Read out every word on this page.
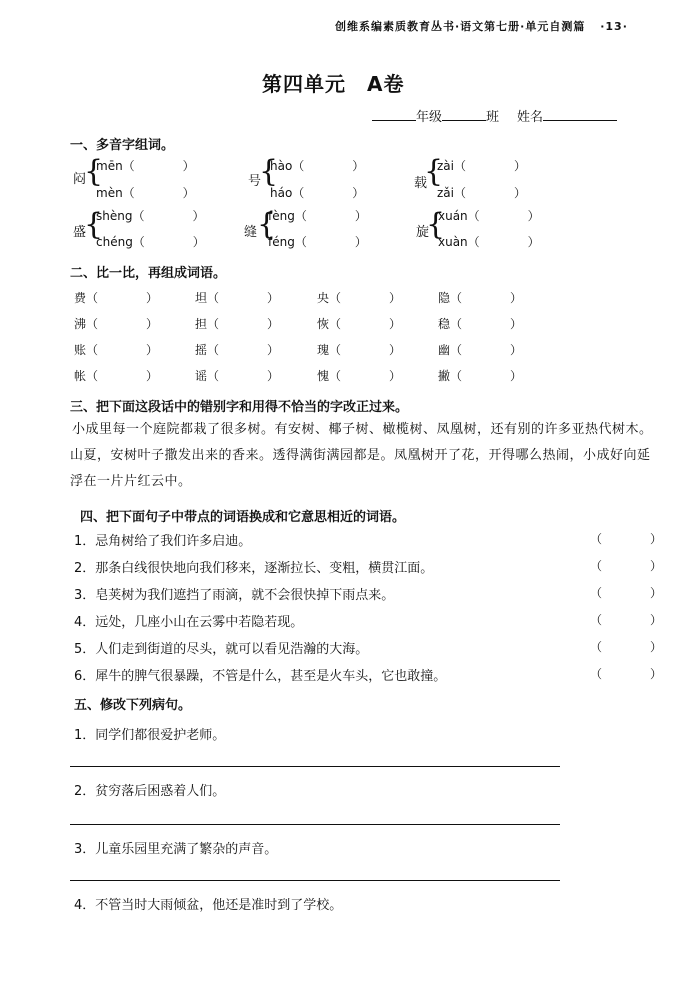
创维系编素质教育丛书·语文第七册·单元自测篇 ·13·
第四单元　A卷
年级	班 姓名
一、多音字组词。
闷
{
mēn（　　　　）
mèn（　　　　）
号
{
hào（　　　　）
háo（　　　　）
载
{
zài（　　　　）
zǎi（　　　　）
盛
{
shèng（　　　　）
chéng（　　　　）
缝 {
fèng（　　　　）
féng（　　　　）
旋
{
xuán（　　　　）
xuàn（　　　　）
二、比一比，再组成词语。
费（　　　　）	坦（　　　　）	央（　　　　）	隐（　　　　）
沸（　　　　）	担（　　　　）	恢（　　　　）	稳（　　　　）
账（　　　　）	摇（　　　　）	瑰（　　　　）	幽（　　　　）
帐（　　　　）	谣（　　　　）	愧（　　　　）	撇（　　　　）
三、把下面这段话中的错别字和用得不恰当的字改正过来。
小成里每一个庭院都栽了很多树。有安树、椰子树、橄榄树、凤凰树，还有别的许多亚热代树木。山夏，安树叶子撒发出来的香来。透得满街满园都是。凤凰树开了花，开得哪么热闹，小成好向延浮在一片片红云中。
四、把下面句子中带点的词语换成和它意思相近的词语。
1．忌角树给了我们许多启迪。	（　　　　）
2．那条白线很快地向我们移来，逐渐拉长、变粗，横贯江面。	（　　　　）
3．皂荚树为我们遮挡了雨滴，就不会很快掉下雨点来。	（　　　　）
4．远处，几座小山在云雾中若隐若现。	（　　　　）
5．人们走到街道的尽头，就可以看见浩瀚的大海。	（　　　　）
6．犀牛的脾气很暴躁，不管是什么，甚至是火车头，它也敢撞。	（　　　　）
五、修改下列病句。
1．同学们都很爱护老师。
2．贫穷落后困惑着人们。
3．儿童乐园里充满了繁杂的声音。
4．不管当时大雨倾盆，他还是准时到了学校。
